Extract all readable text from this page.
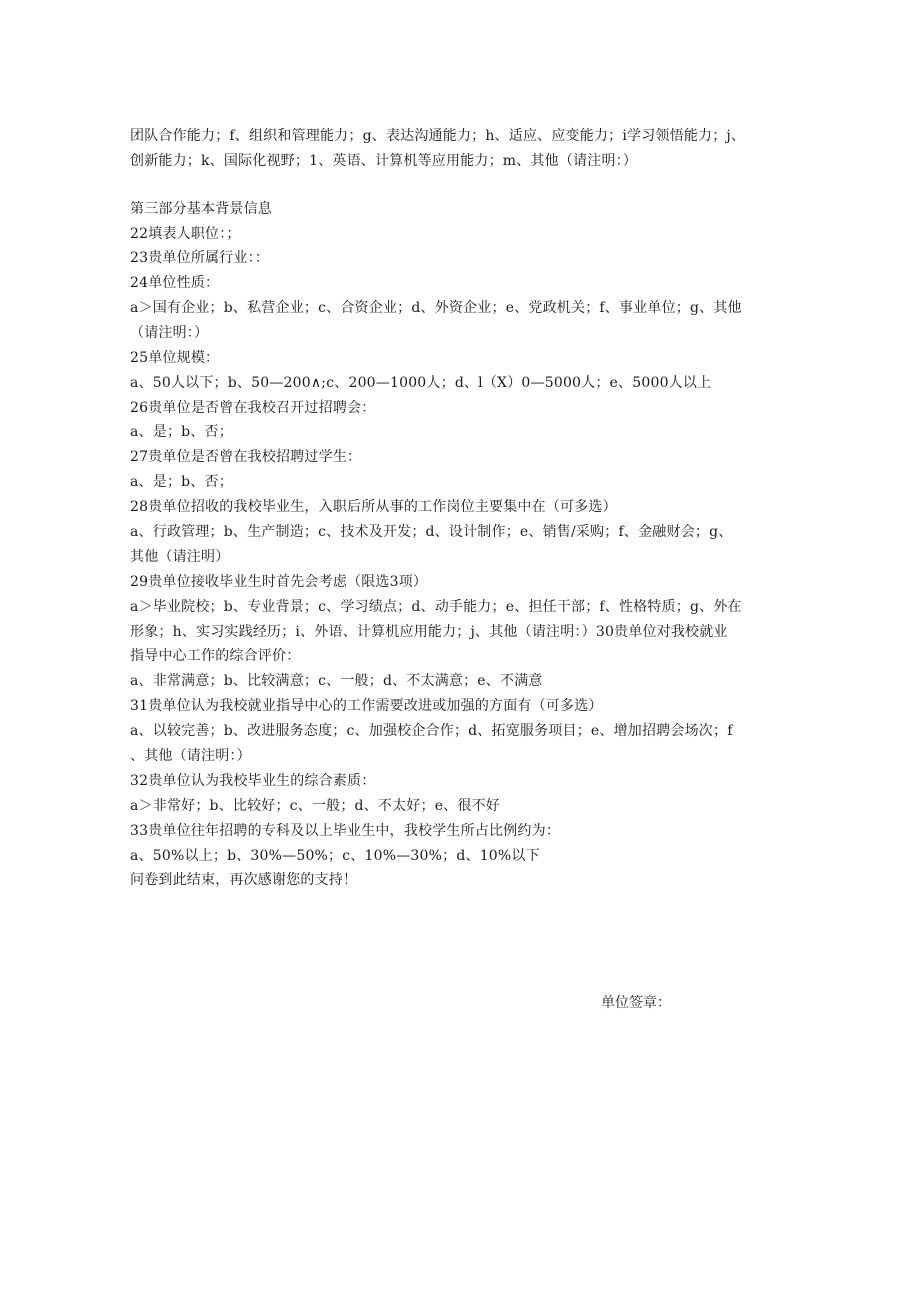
团队合作能力；f、组织和管理能力；g、表达沟通能力；h、适应、应变能力；i学习领悟能力；j、
创新能力；k、国际化视野；1、英语、计算机等应用能力；m、其他（请注明：）
第三部分基本背景信息
22填表人职位：；
23贵单位所属行业：：
24单位性质：
a＞国有企业；b、私营企业；c、合资企业；d、外资企业；e、党政机关；f、事业单位；g、其他
（请注明：）
25单位规模：
a、50人以下；b、50—200∧;c、200—1000人；d、l（X）0—5000人；e、5000人以上
26贵单位是否曾在我校召开过招聘会：
a、是；b、否；
27贵单位是否曾在我校招聘过学生：
a、是；b、否；
28贵单位招收的我校毕业生，入职后所从事的工作岗位主要集中在（可多选）
a、行政管理；b、生产制造；c、技术及开发；d、设计制作；e、销售/采购；f、金融财会；g、
其他（请注明）
29贵单位接收毕业生时首先会考虑（限选3项）
a＞毕业院校；b、专业背景；c、学习绩点；d、动手能力；e、担任干部；f、性格特质；g、外在
形象；h、实习实践经历；i、外语、计算机应用能力；j、其他（请注明：）30贵单位对我校就业
指导中心工作的综合评价：
a、非常满意；b、比较满意；c、一般；d、不太满意；e、不满意
31贵单位认为我校就业指导中心的工作需要改进或加强的方面有（可多选）
a、以较完善；b、改进服务态度；c、加强校企合作；d、拓宽服务项目；e、增加招聘会场次；f
、其他（请注明：）
32贵单位认为我校毕业生的综合素质：
a＞非常好；b、比较好；c、一般；d、不太好；e、很不好
33贵单位往年招聘的专科及以上毕业生中，我校学生所占比例约为：
a、50%以上；b、30%—50%；c、10%—30%；d、10%以下
问卷到此结束，再次感谢您的支持！
单位签章：
